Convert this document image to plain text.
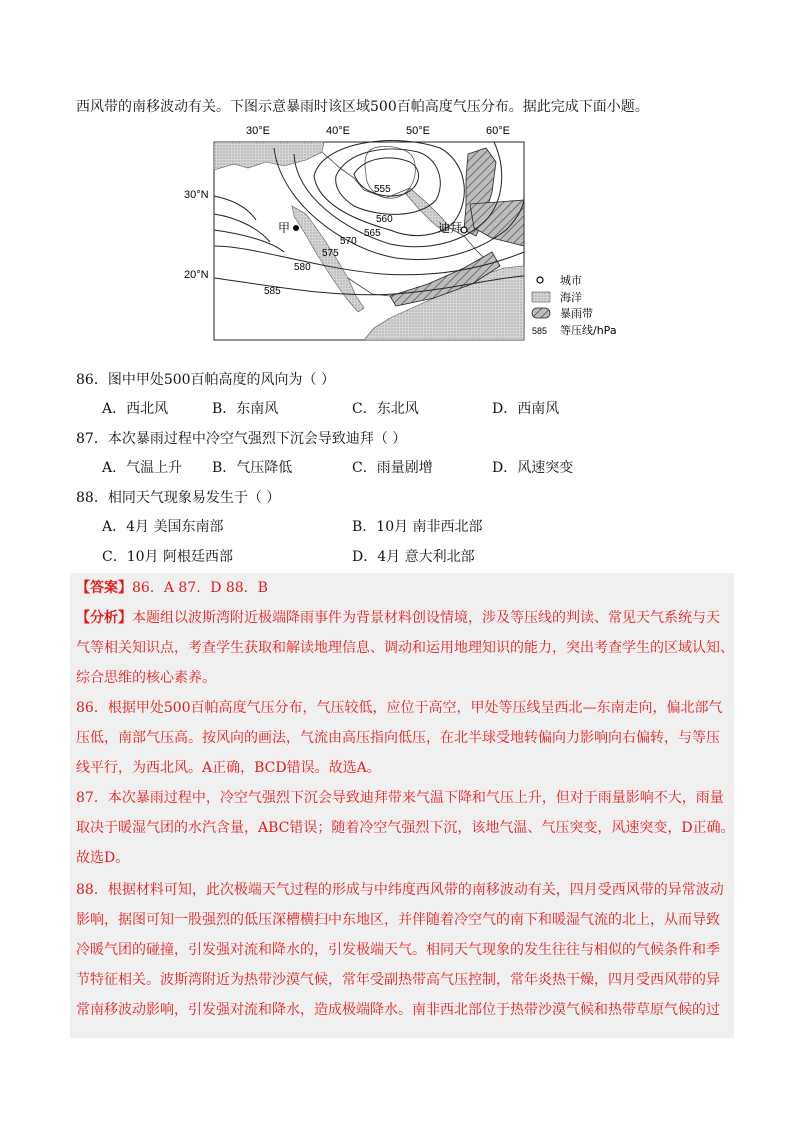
西风带的南移波动有关。下图示意暴雨时该区域500百帕高度气压分布。据此完成下面小题。
30°E	40°E	50°E	60°E
30°N
20°N
555
560
565
570
575
580
585
甲	迪拜
城市
海洋
暴雨带
585 等压线/hPa
86．图中甲处500百帕高度的风向为（ ）
A．西北风	B．东南风	C．东北风	D．西南风
87．本次暴雨过程中冷空气强烈下沉会导致迪拜（ ）
A．气温上升 B．气压降低	C．雨量剧增	D．风速突变
88．相同天气现象易发生于（ ）
A．4月 美国东南部	B．10月 南非西北部
C．10月 阿根廷西部	D．4月 意大利北部
【答案】86．A 87．D 88．B
【分析】本题组以波斯湾附近极端降雨事件为背景材料创设情境，涉及等压线的判读、常见天气系统与天
气等相关知识点，考查学生获取和解读地理信息、调动和运用地理知识的能力，突出考查学生的区域认知、
综合思维的核心素养。
86．根据甲处500百帕高度气压分布，气压较低，应位于高空，甲处等压线呈西北—东南走向，偏北部气
压低，南部气压高。按风向的画法，气流由高压指向低压，在北半球受地转偏向力影响向右偏转，与等压
线平行，为西北风。A正确，BCD错误。故选A。
87．本次暴雨过程中，冷空气强烈下沉会导致迪拜带来气温下降和气压上升，但对于雨量影响不大，雨量
取决于暖湿气团的水汽含量，ABC错误；随着冷空气强烈下沉，该地气温、气压突变，风速突变，D正确。
故选D。
88．根据材料可知，此次极端天气过程的形成与中纬度西风带的南移波动有关，四月受西风带的异常波动
影响，据图可知一股强烈的低压深槽横扫中东地区，并伴随着冷空气的南下和暖湿气流的北上，从而导致
冷暖气团的碰撞，引发强对流和降水的，引发极端天气。相同天气现象的发生往往与相似的气候条件和季
节特征相关。波斯湾附近为热带沙漠气候，常年受副热带高气压控制，常年炎热干燥，四月受西风带的异
常南移波动影响，引发强对流和降水，造成极端降水。南非西北部位于热带沙漠气候和热带草原气候的过
